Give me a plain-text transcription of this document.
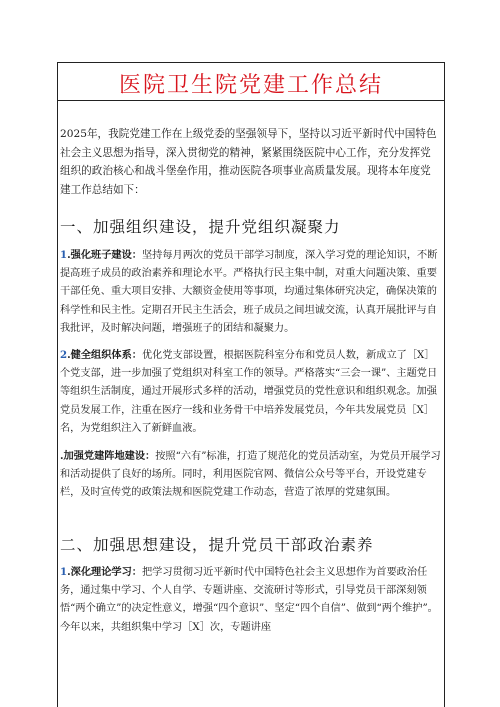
医院卫生院党建工作总结
2025年，我院党建工作在上级党委的坚强领导下，坚持以习近平新时代中国特色社会主义思想为指导，深入贯彻党的精神，紧紧围绕医院中心工作，充分发挥党组织的政治核心和战斗堡垒作用，推动医院各项事业高质量发展。现将本年度党建工作总结如下：
一、加强组织建设，提升党组织凝聚力
1.强化班子建设：坚持每月两次的党员干部学习制度，深入学习党的理论知识，不断提高班子成员的政治素养和理论水平。严格执行民主集中制，对重大问题决策、重要干部任免、重大项目安排、大额资金使用等事项，均通过集体研究决定，确保决策的科学性和民主性。定期召开民主生活会，班子成员之间坦诚交流，认真开展批评与自我批评，及时解决问题，增强班子的团结和凝聚力。
2.健全组织体系：优化党支部设置，根据医院科室分布和党员人数，新成立了［X］个党支部，进一步加强了党组织对科室工作的领导。严格落实“三会一课”、主题党日等组织生活制度，通过开展形式多样的活动，增强党员的党性意识和组织观念。加强党员发展工作，注重在医疗一线和业务骨干中培养发展党员，今年共发展党员［X］名，为党组织注入了新鲜血液。
.加强党建阵地建设：按照“六有”标准，打造了规范化的党员活动室，为党员开展学习和活动提供了良好的场所。同时，利用医院官网、微信公众号等平台，开设党建专栏，及时宣传党的政策法规和医院党建工作动态，营造了浓厚的党建氛围。
二、加强思想建设，提升党员干部政治素养
1.深化理论学习：把学习贯彻习近平新时代中国特色社会主义思想作为首要政治任务，通过集中学习、个人自学、专题讲座、交流研讨等形式，引导党员干部深刻领悟“两个确立”的决定性意义，增强“四个意识”、坚定“四个自信”、做到“两个维护”。今年以来，共组织集中学习［X］次，专题讲座
